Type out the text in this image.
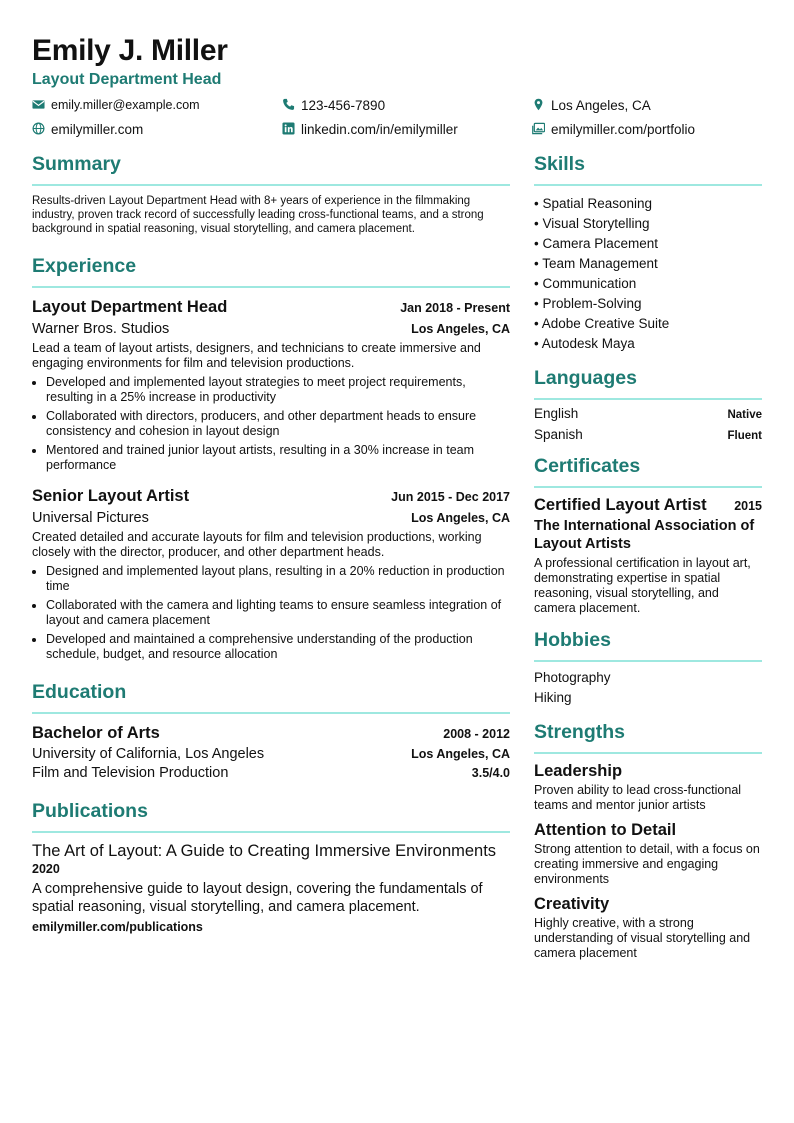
Emily J. Miller
Layout Department Head
emily.miller@example.com	123-456-7890	Los Angeles, CA
emilymiller.com	linkedin.com/in/emilymiller	emilymiller.com/portfolio
Summary
Results-driven Layout Department Head with 8+ years of experience in the filmmaking industry, proven track record of successfully leading cross-functional teams, and a strong background in spatial reasoning, visual storytelling, and camera placement.
Experience
Layout Department Head	Jan 2018 - Present
Warner Bros. Studios	Los Angeles, CA
Lead a team of layout artists, designers, and technicians to create immersive and engaging environments for film and television productions.
• Developed and implemented layout strategies to meet project requirements, resulting in a 25% increase in productivity
• Collaborated with directors, producers, and other department heads to ensure consistency and cohesion in layout design
• Mentored and trained junior layout artists, resulting in a 30% increase in team performance
Senior Layout Artist	Jun 2015 - Dec 2017
Universal Pictures	Los Angeles, CA
Created detailed and accurate layouts for film and television productions, working closely with the director, producer, and other department heads.
• Designed and implemented layout plans, resulting in a 20% reduction in production time
• Collaborated with the camera and lighting teams to ensure seamless integration of layout and camera placement
• Developed and maintained a comprehensive understanding of the production schedule, budget, and resource allocation
Education
Bachelor of Arts	2008 - 2012
University of California, Los Angeles	Los Angeles, CA
Film and Television Production	3.5/4.0
Publications
The Art of Layout: A Guide to Creating Immersive Environments
2020
A comprehensive guide to layout design, covering the fundamentals of spatial reasoning, visual storytelling, and camera placement.
emilymiller.com/publications
Skills
• Spatial Reasoning
• Visual Storytelling
• Camera Placement
• Team Management
• Communication
• Problem-Solving
• Adobe Creative Suite
• Autodesk Maya
Languages
English	Native
Spanish	Fluent
Certificates
Certified Layout Artist 2015
The International Association of Layout Artists
A professional certification in layout art, demonstrating expertise in spatial reasoning, visual storytelling, and camera placement.
Hobbies
Photography
Hiking
Strengths
Leadership
Proven ability to lead cross-functional teams and mentor junior artists
Attention to Detail
Strong attention to detail, with a focus on creating immersive and engaging environments
Creativity
Highly creative, with a strong understanding of visual storytelling and camera placement
